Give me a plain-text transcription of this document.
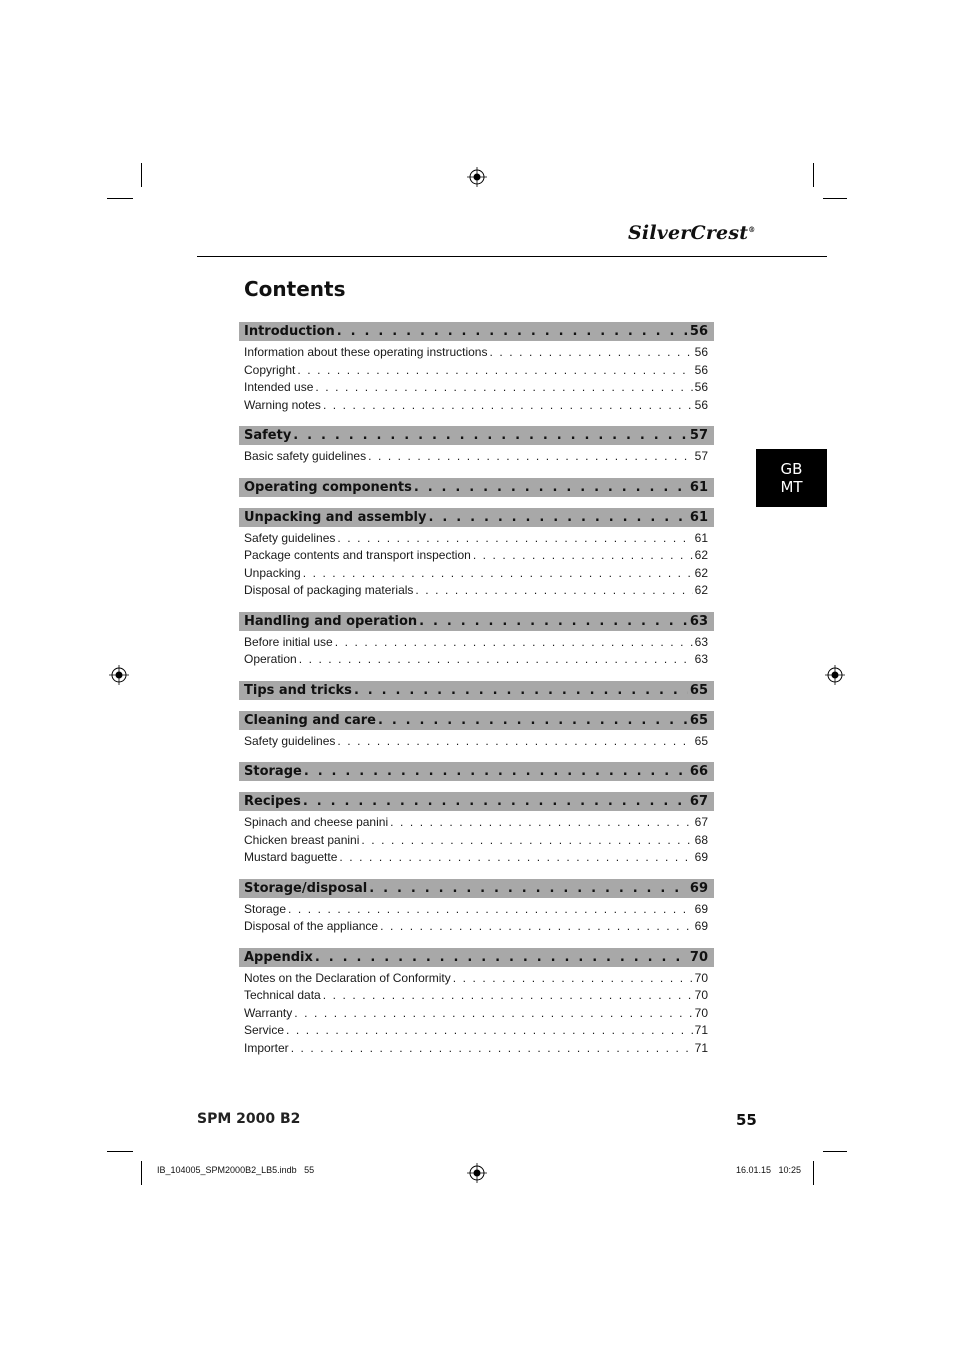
SilverCrest®
Contents
GB
MT
Introduction . . .	56
Information about these operating instructions . . .	56
Copyright . . .	56
Intended use . . .	56
Warning notes . . .	56
Safety . . .	57
Basic safety guidelines . . .	57
Operating components . . .	61
Unpacking and assembly . . .	61
Safety guidelines . . .	61
Package contents and transport inspection . . .	62
Unpacking . . .	62
Disposal of packaging materials . . .	62
Handling and operation . . .	63
Before initial use . . .	63
Operation . . .	63
Tips and tricks . . .	65
Cleaning and care . . .	65
Safety guidelines . . .	65
Storage . . .	66
Recipes . . .	67
Spinach and cheese panini . . .	67
Chicken breast panini . . .	68
Mustard baguette . . .	69
Storage/disposal . . .	69
Storage . . .	69
Disposal of the appliance . . .	69
Appendix . . .	70
Notes on the Declaration of Conformity . . .	70
Technical data . . .	70
Warranty . . .	70
Service . . .	71
Importer . . .	71
SPM 2000 B2	55
IB_104005_SPM2000B2_LB5.indb   55	16.01.15   10:25
